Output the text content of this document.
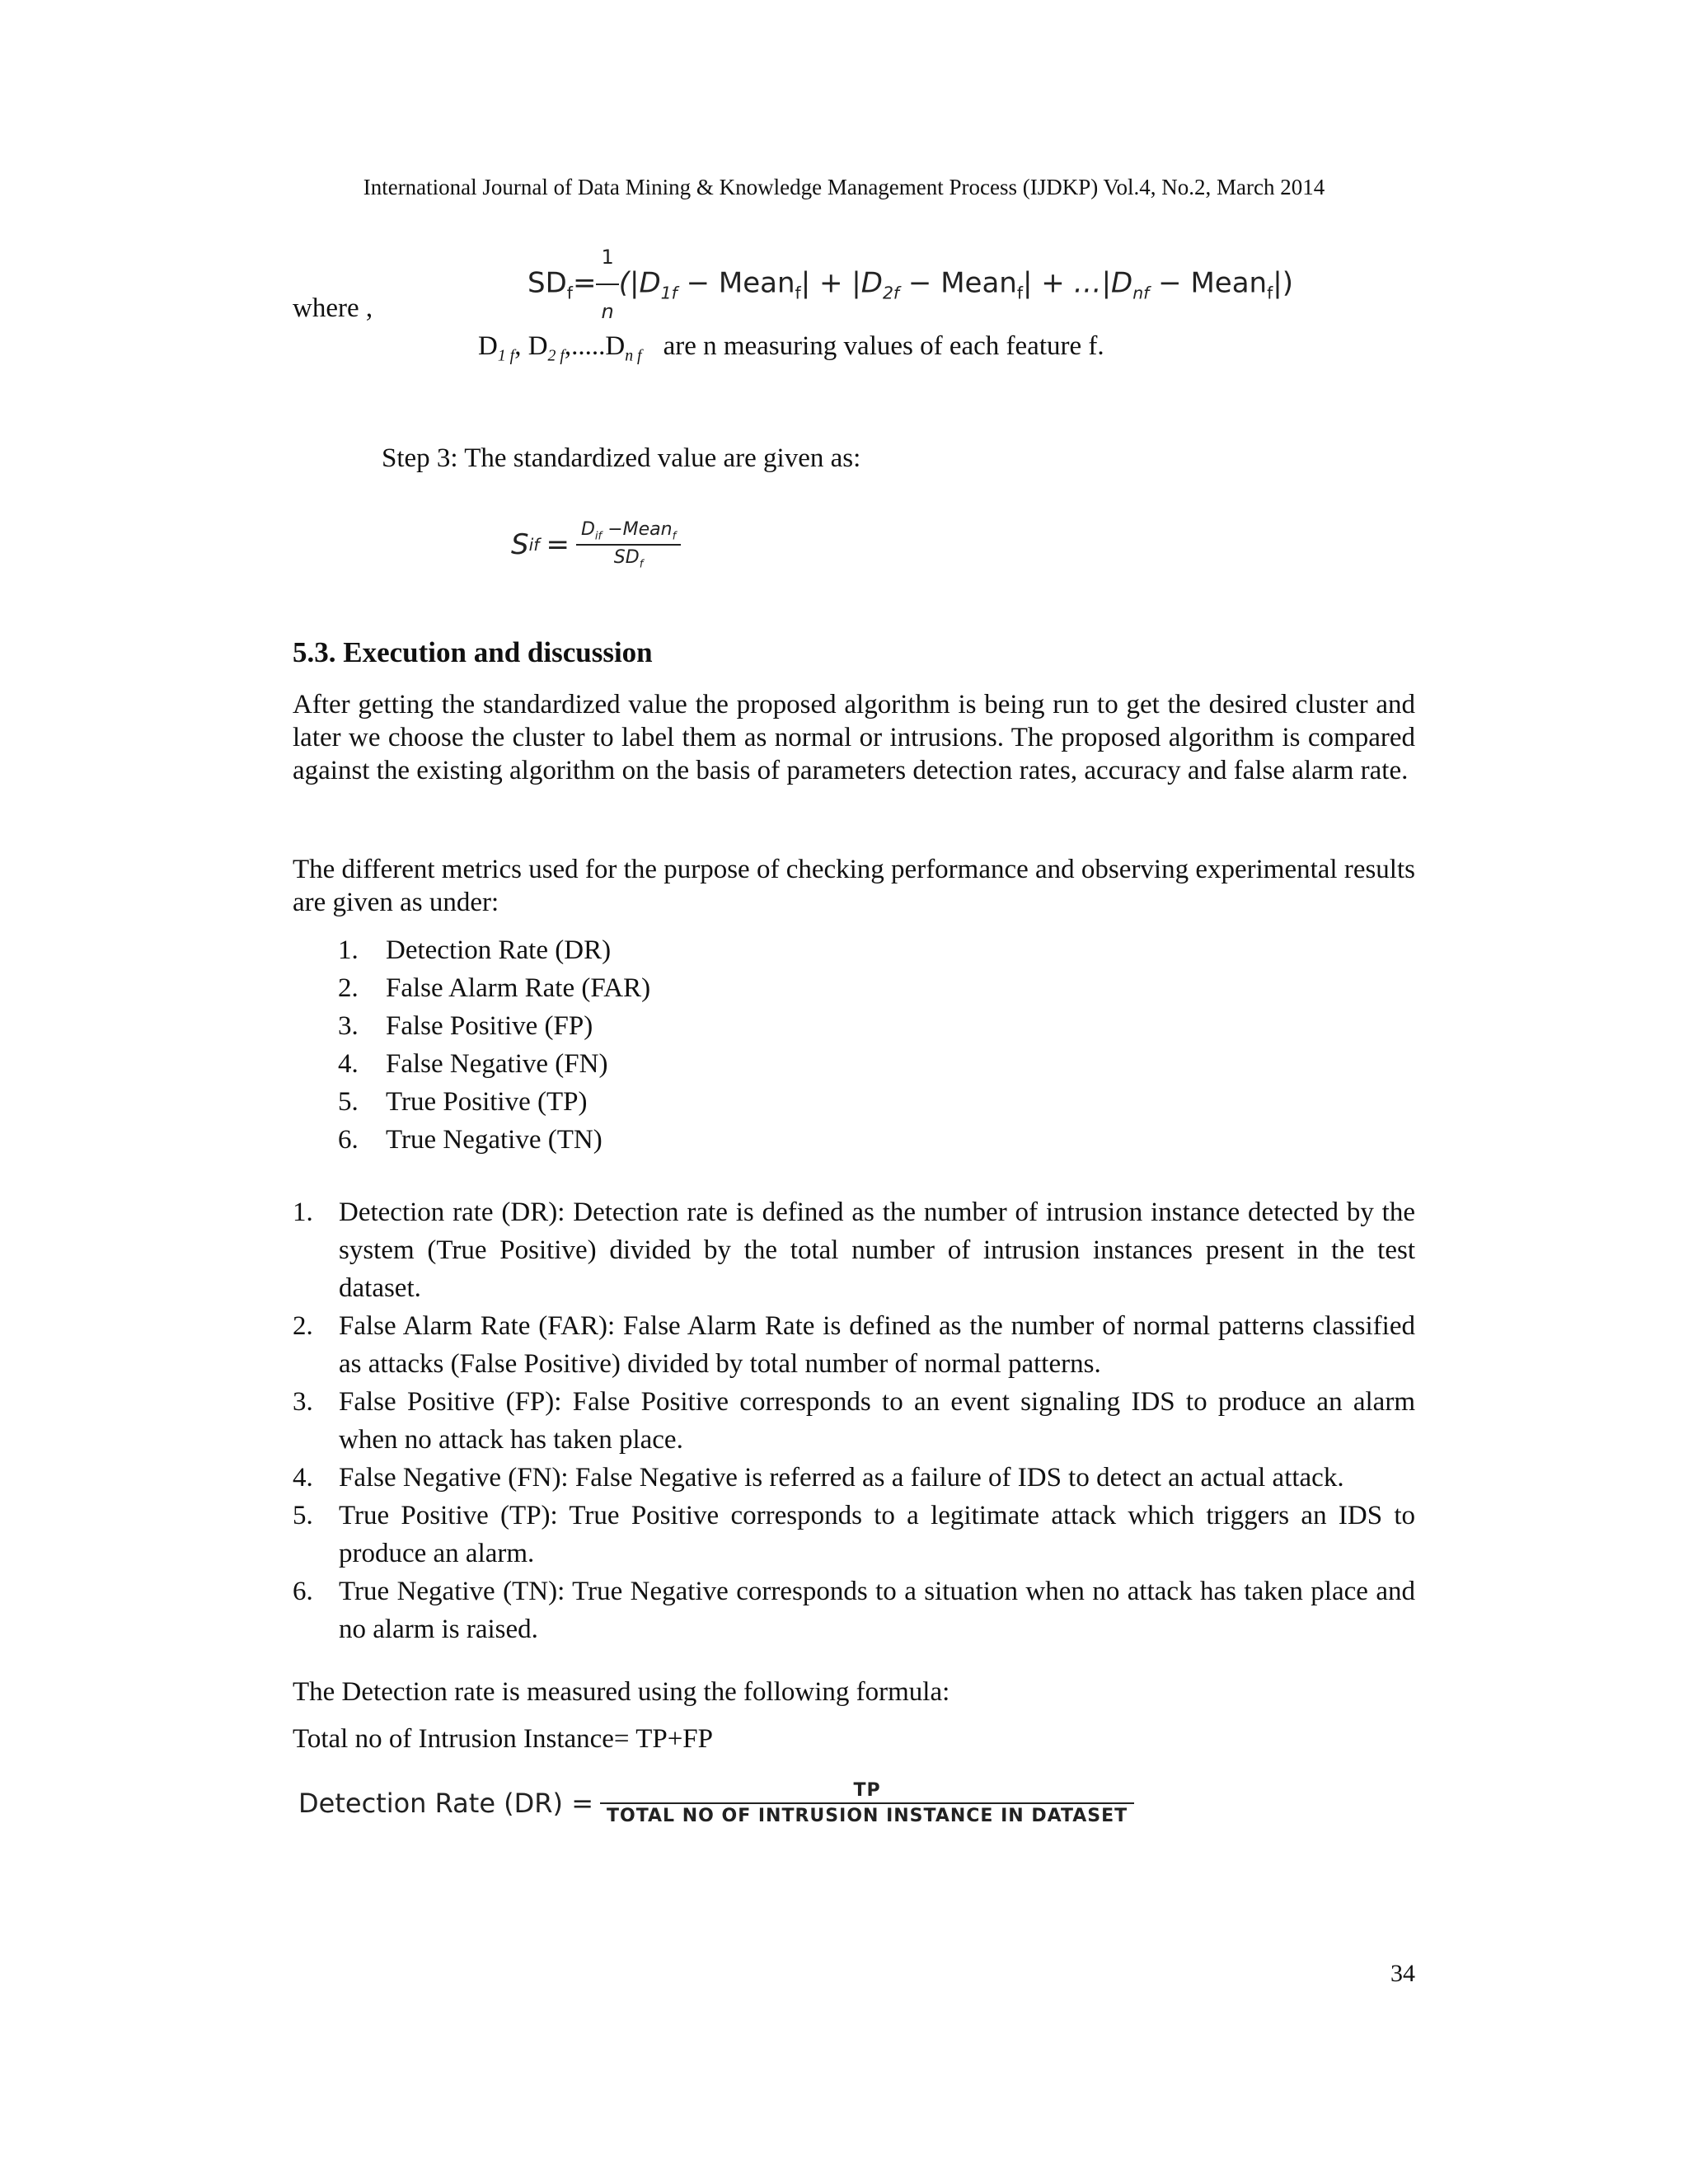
International Journal of Data Mining & Knowledge Management Process (IJDKP) Vol.4, No.2, March 2014
$SD_f= \frac{1}{n} (|D_{1f}$ − Mean$_f$| + $|D_{2f}$ − Mean$_f$| + $\dots|D_{nf}$ − Mean$_f$|)
where ,
$D_{1 f}$, $D_{2 f},.....D_{n f}$ are n measuring values of each feature f.
Step 3: The standardized value are given as:
S if = $\frac{D_{if} -Mean_f}{SD_f}$
5.3. Execution and discussion
After getting the standardized value the proposed algorithm is being run to get the desired cluster and later we choose the cluster to label them as normal or intrusions. The proposed algorithm is compared against the existing algorithm on the basis of parameters detection rates, accuracy and false alarm rate.
The different metrics used for the purpose of checking performance and observing experimental results are given as under:
1.	Detection Rate (DR)
2.	False Alarm Rate (FAR)
3.	False Positive (FP)
4.	False Negative (FN)
5.	True Positive (TP)
6.	True Negative (TN)
1. Detection rate (DR): Detection rate is defined as the number of intrusion instance detected by the system (True Positive) divided by the total number of intrusion instances present in the test dataset.
2. False Alarm Rate (FAR): False Alarm Rate is defined as the number of normal patterns classified as attacks (False Positive) divided by total number of normal patterns.
3. False Positive (FP): False Positive corresponds to an event signaling IDS to produce an alarm when no attack has taken place.
4. False Negative (FN): False Negative is referred as a failure of IDS to detect an actual attack.
5. True Positive (TP): True Positive corresponds to a legitimate attack which triggers an IDS to produce an alarm.
6. True Negative (TN): True Negative corresponds to a situation when no attack has taken place and no alarm is raised.
The Detection rate is measured using the following formula:
Total no of Intrusion Instance= TP+FP
Detection Rate $(DR) = \frac{TP}{\text{TOTAL NO OF INTRUSION INSTANCE IN DATASET}}$
34
